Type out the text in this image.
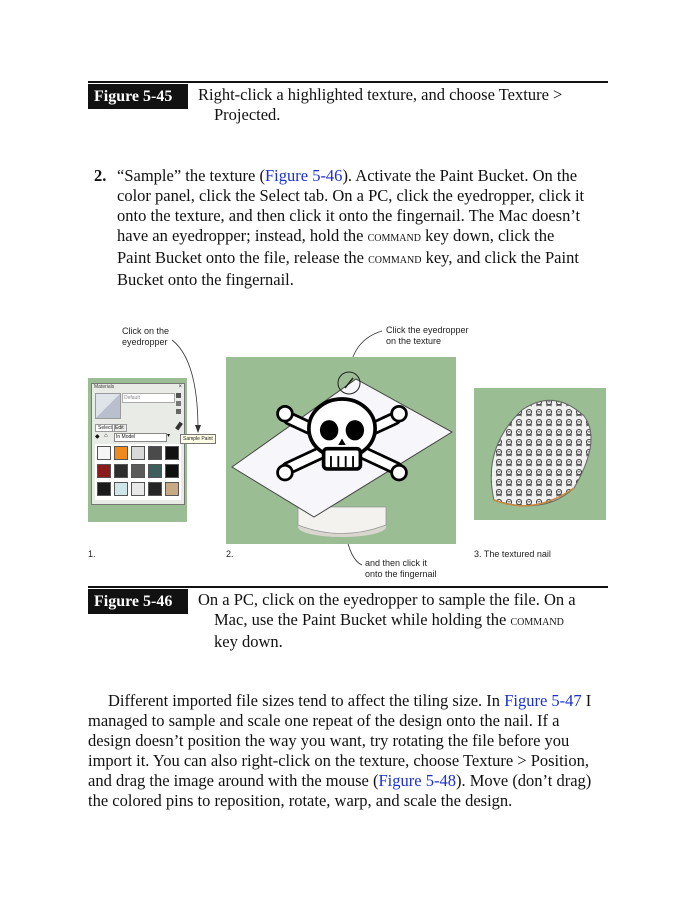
Figure 5-45	Right-click a highlighted texture, and choose Texture >
Projected.
2. “Sample” the texture (Figure 5-46). Activate the Paint Bucket. On the
color panel, click the Select tab. On a PC, click the eyedropper, click it
onto the texture, and then click it onto the fingernail. The Mac doesn’t
have an eyedropper; instead, hold the command key down, click the
Paint Bucket onto the file, release the command key, and click the Paint
Bucket onto the fingernail.
Click on the
eyedropper
Click the eyedropper
on the texture
Materials	×
Default
Select Edit
◆ ⌂	In Model	▾	Sample Paint
1.	2.	3. The textured nail
and then click it
onto the fingernail
Figure 5-46	On a PC, click on the eyedropper to sample the file. On a
Mac, use the Paint Bucket while holding the command
key down.
Different imported file sizes tend to affect the tiling size. In Figure 5-47 I
managed to sample and scale one repeat of the design onto the nail. If a
design doesn’t position the way you want, try rotating the file before you
import it. You can also right-click on the texture, choose Texture > Position,
and drag the image around with the mouse (Figure 5-48). Move (don’t drag)
the colored pins to reposition, rotate, warp, and scale the design.
